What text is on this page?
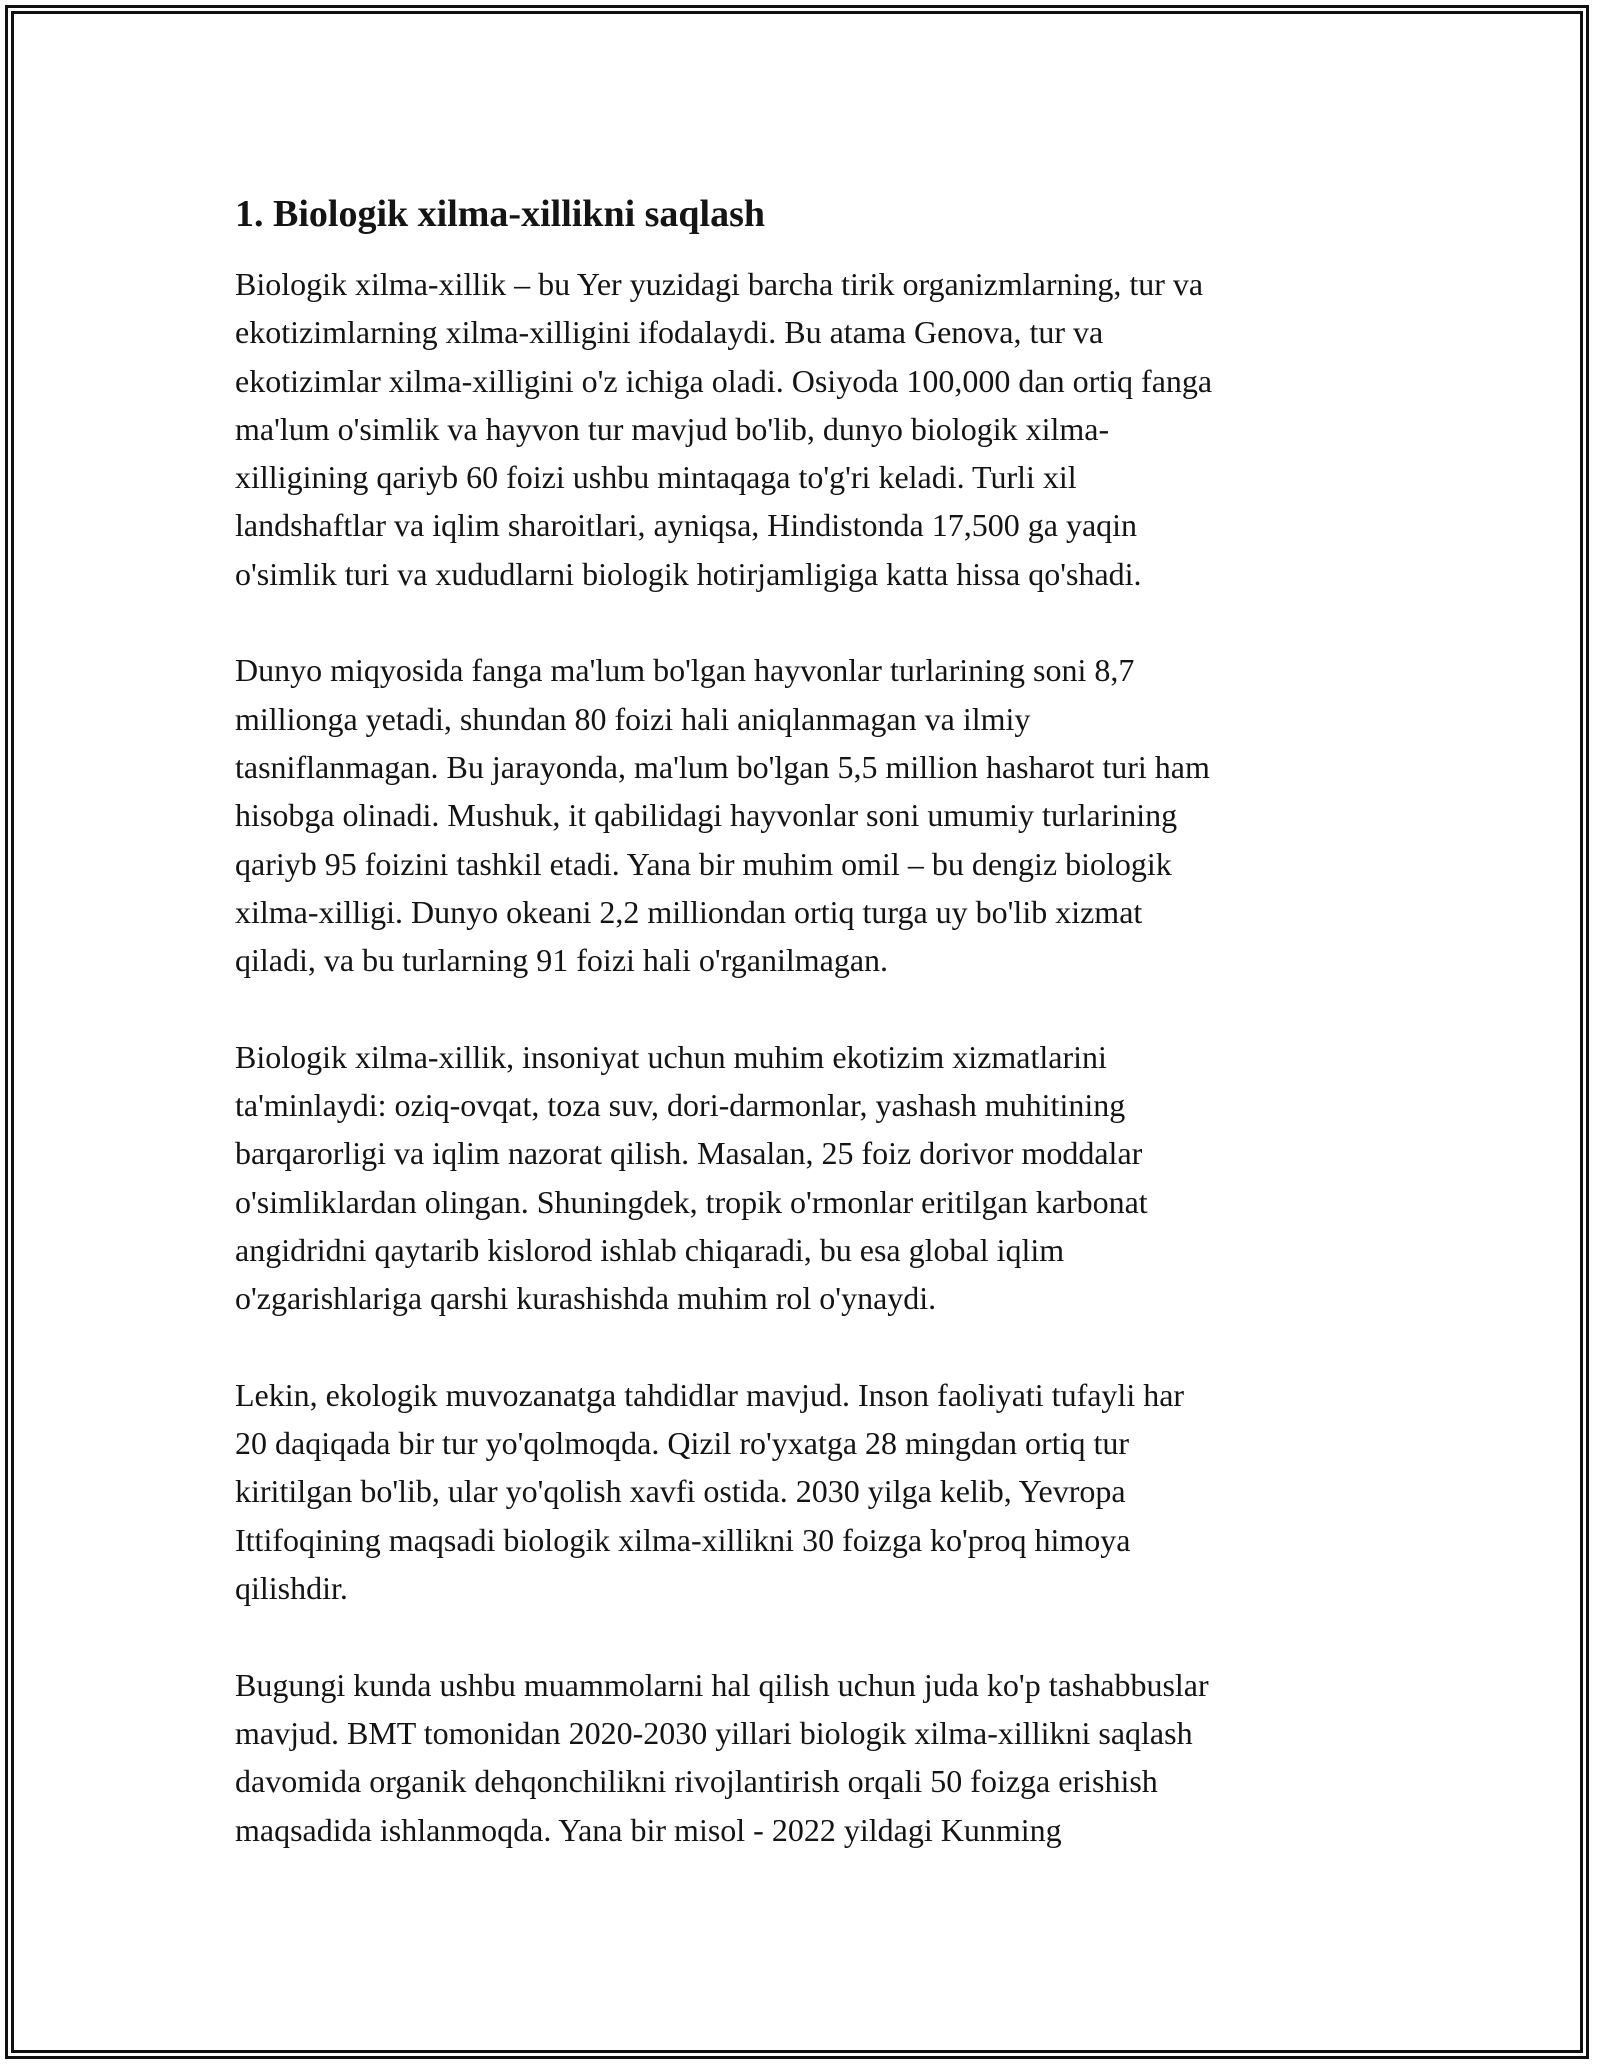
1. Biologik xilma-xillikni saqlash

Biologik xilma-xillik – bu Yer yuzidagi barcha tirik organizmlarning, tur va
ekotizimlarning xilma-xilligini ifodalaydi. Bu atama Genova, tur va
ekotizimlar xilma-xilligini o'z ichiga oladi. Osiyoda 100,000 dan ortiq fanga
ma'lum o'simlik va hayvon tur mavjud bo'lib, dunyo biologik xilma-
xilligining qariyb 60 foizi ushbu mintaqaga to'g'ri keladi. Turli xil
landshaftlar va iqlim sharoitlari, ayniqsa, Hindistonda 17,500 ga yaqin
o'simlik turi va xududlarni biologik hotirjamligiga katta hissa qo'shadi.

Dunyo miqyosida fanga ma'lum bo'lgan hayvonlar turlarining soni 8,7
millionga yetadi, shundan 80 foizi hali aniqlanmagan va ilmiy
tasniflanmagan. Bu jarayonda, ma'lum bo'lgan 5,5 million hasharot turi ham
hisobga olinadi. Mushuk, it qabilidagi hayvonlar soni umumiy turlarining
qariyb 95 foizini tashkil etadi. Yana bir muhim omil – bu dengiz biologik
xilma-xilligi. Dunyo okeani 2,2 milliondan ortiq turga uy bo'lib xizmat
qiladi, va bu turlarning 91 foizi hali o'rganilmagan.

Biologik xilma-xillik, insoniyat uchun muhim ekotizim xizmatlarini
ta'minlaydi: oziq-ovqat, toza suv, dori-darmonlar, yashash muhitining
barqarorligi va iqlim nazorat qilish. Masalan, 25 foiz dorivor moddalar
o'simliklardan olingan. Shuningdek, tropik o'rmonlar eritilgan karbonat
angidridni qaytarib kislorod ishlab chiqaradi, bu esa global iqlim
o'zgarishlariga qarshi kurashishda muhim rol o'ynaydi.

Lekin, ekologik muvozanatga tahdidlar mavjud. Inson faoliyati tufayli har
20 daqiqada bir tur yo'qolmoqda. Qizil ro'yxatga 28 mingdan ortiq tur
kiritilgan bo'lib, ular yo'qolish xavfi ostida. 2030 yilga kelib, Yevropa
Ittifoqining maqsadi biologik xilma-xillikni 30 foizga ko'proq himoya
qilishdir.

Bugungi kunda ushbu muammolarni hal qilish uchun juda ko'p tashabbuslar
mavjud. BMT tomonidan 2020-2030 yillari biologik xilma-xillikni saqlash
davomida organik dehqonchilikni rivojlantirish orqali 50 foizga erishish
maqsadida ishlanmoqda. Yana bir misol - 2022 yildagi Kunming
